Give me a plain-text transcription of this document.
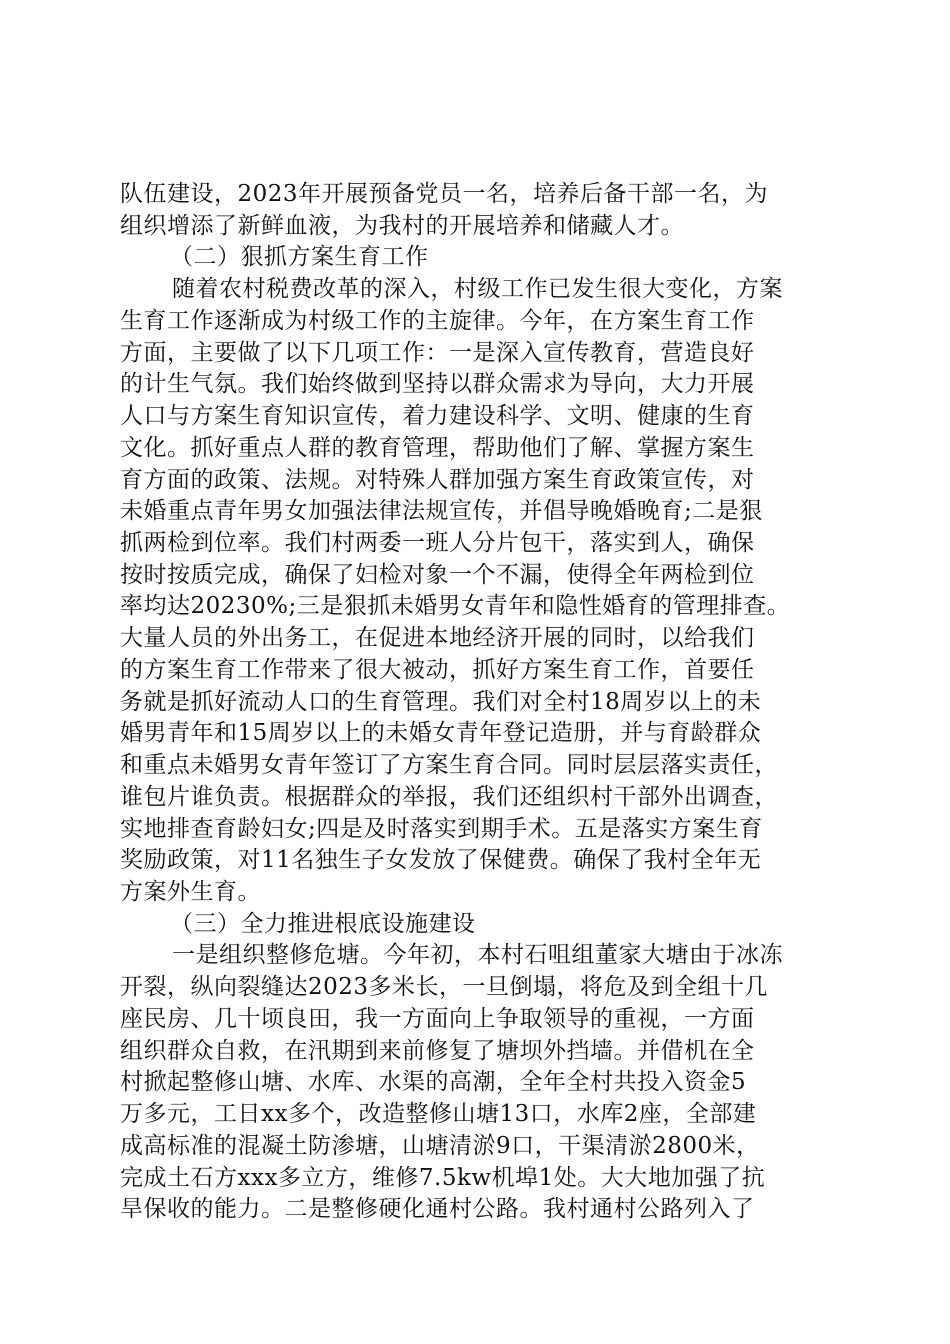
队伍建设，2023年开展预备党员一名，培养后备干部一名，为
组织增添了新鲜血液，为我村的开展培养和储藏人才。
（二）狠抓方案生育工作
随着农村税费改革的深入，村级工作已发生很大变化，方案
生育工作逐渐成为村级工作的主旋律。今年，在方案生育工作
方面，主要做了以下几项工作：一是深入宣传教育，营造良好
的计生气氛。我们始终做到坚持以群众需求为导向，大力开展
人口与方案生育知识宣传，着力建设科学、文明、健康的生育
文化。抓好重点人群的教育管理，帮助他们了解、掌握方案生
育方面的政策、法规。对特殊人群加强方案生育政策宣传，对
未婚重点青年男女加强法律法规宣传，并倡导晚婚晚育;二是狠
抓两检到位率。我们村两委一班人分片包干，落实到人，确保
按时按质完成，确保了妇检对象一个不漏，使得全年两检到位
率均达20230%;三是狠抓未婚男女青年和隐性婚育的管理排查。
大量人员的外出务工，在促进本地经济开展的同时，以给我们
的方案生育工作带来了很大被动，抓好方案生育工作，首要任
务就是抓好流动人口的生育管理。我们对全村18周岁以上的未
婚男青年和15周岁以上的未婚女青年登记造册，并与育龄群众
和重点未婚男女青年签订了方案生育合同。同时层层落实责任，
谁包片谁负责。根据群众的举报，我们还组织村干部外出调查，
实地排查育龄妇女;四是及时落实到期手术。五是落实方案生育
奖励政策，对11名独生子女发放了保健费。确保了我村全年无
方案外生育。
（三）全力推进根底设施建设
一是组织整修危塘。今年初，本村石咀组董家大塘由于冰冻
开裂，纵向裂缝达2023多米长，一旦倒塌，将危及到全组十几
座民房、几十顷良田，我一方面向上争取领导的重视，一方面
组织群众自救，在汛期到来前修复了塘坝外挡墙。并借机在全
村掀起整修山塘、水库、水渠的高潮，全年全村共投入资金5
万多元，工日xx多个，改造整修山塘13口，水库2座，全部建
成高标准的混凝土防渗塘，山塘清淤9口，干渠清淤2800米，
完成土石方xxx多立方，维修7.5kw机埠1处。大大地加强了抗
旱保收的能力。二是整修硬化通村公路。我村通村公路列入了
